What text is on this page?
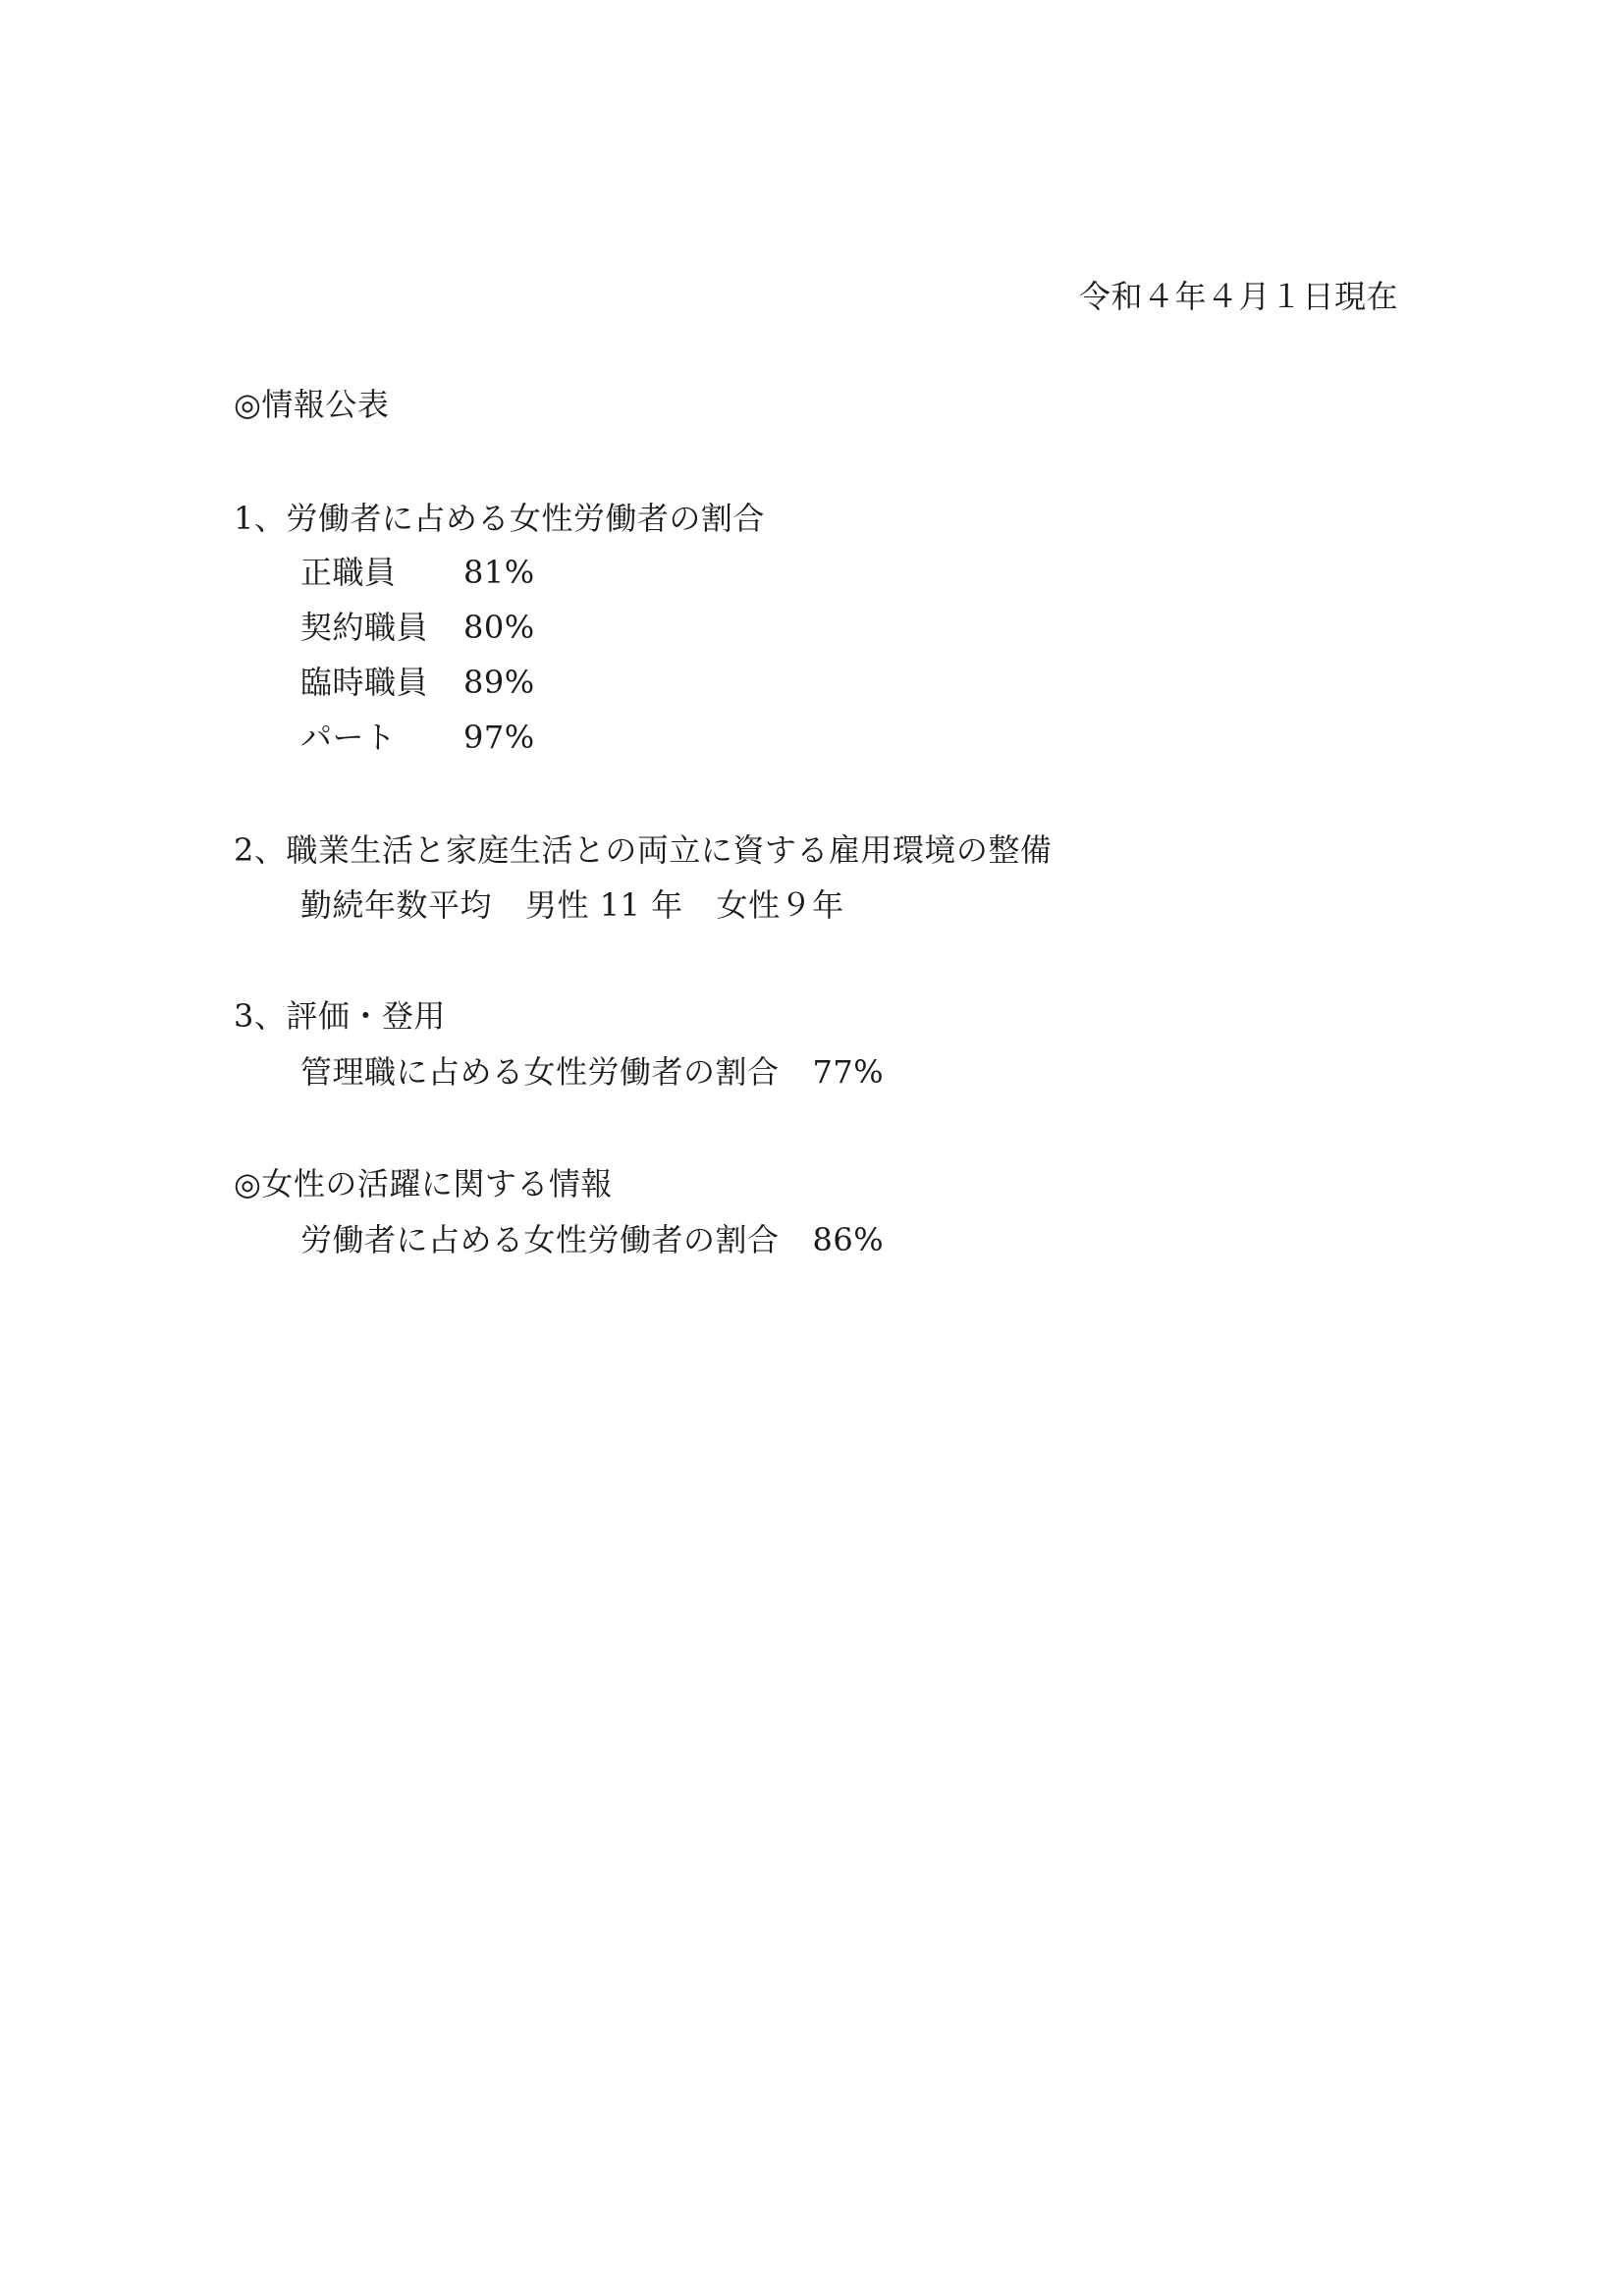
令和４年４月１日現在
◎情報公表
1、労働者に占める女性労働者の割合
正職員 81%
契約職員 80%
臨時職員 89%
パート 97%
2、職業生活と家庭生活との両立に資する雇用環境の整備
勤続年数平均 男性 11 年 女性９年
3、評価・登用
管理職に占める女性労働者の割合 77%
◎女性の活躍に関する情報
労働者に占める女性労働者の割合 86%
